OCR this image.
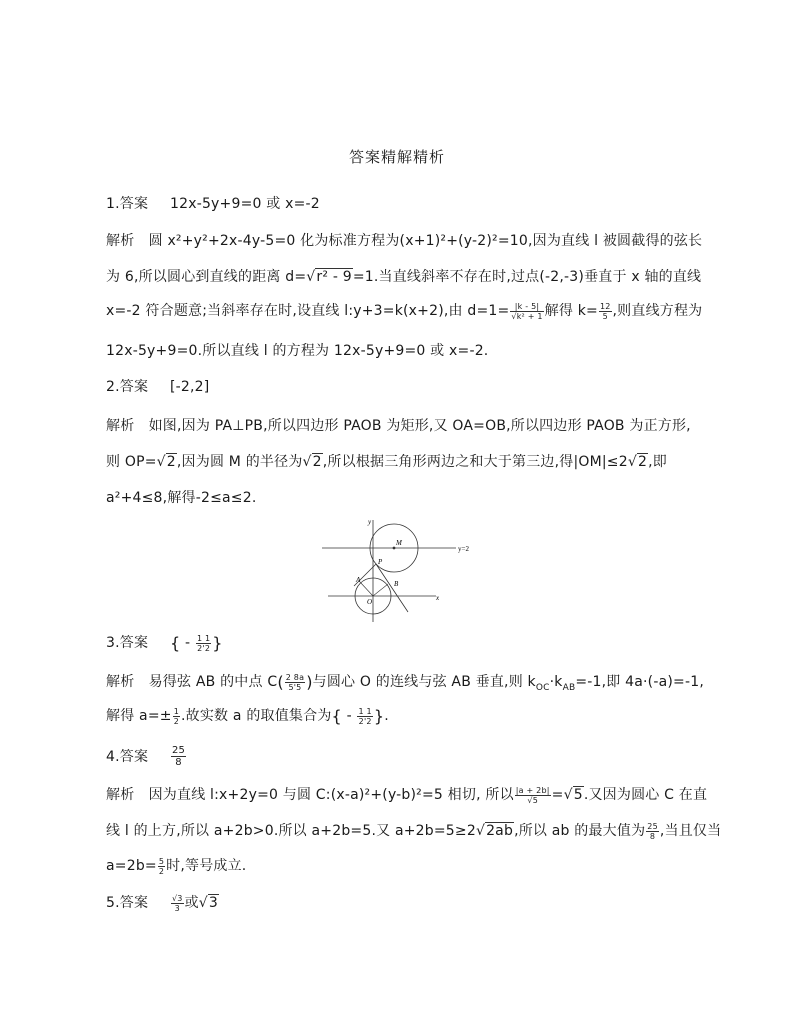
答案精解精析
1.答案 12x-5y+9=0 或 x=-2
解析　圆 x²+y²+2x-4y-5=0 化为标准方程为(x+1)²+(y-2)²=10,因为直线 l 被圆截得的弦长
为 6,所以圆心到直线的距离 d=√r² - 9=1.当直线斜率不存在时,过点(-2,-3)垂直于 x 轴的直线
x=-2 符合题意;当斜率存在时,设直线 l:y+3=k(x+2),由 $d=1= \frac{|k - 5|}{\text{√k² + 1}}$ 解得 $k= \frac{12}{5}$ ,则直线方程为
12x-5y+9=0.所以直线 l 的方程为 12x-5y+9=0 或 x=-2.
2.答案 [-2,2]
解析　如图,因为 PA⊥PB,所以四边形 PAOB 为矩形,又 OA=OB,所以四边形 PAOB 为正方形,
则 OP=√2,因为圆 M 的半径为√2,所以根据三角形两边之和大于第三边,得|OM|≤2√2,即
a²+4≤8,解得-2≤a≤2.
y
x
y=2
M
P
A	B
O
3.答案 { - $\frac{1 1}{2'2}$ }
解析　易得弦 AB 的中点 $C( \frac{2 8a}{5'5}$ )与圆心 O 的连线与弦 AB 垂直,则 $k_{OC}\cdot k_{AB}=-1$,即 4a·(-a)=-1,
解得 $a=\pm \frac{1}{2}$ .故实数 a 的取值集合为{ - $\frac{1 1}{2'2}$ }.
4.答案 $\frac{25}{8}$
解析　因为直线 l:x+2y=0 与圆 C:(x-a)²+(y-b)²=5 相切, 所以 $\frac{|a + 2b|}{√5} =√5$.又因为圆心 C 在直
线 l 的上方,所以 a+2b>0.所以 a+2b=5.又 a+2b=5≥2√2ab,所以 ab 的最大值为 $\frac{25}{8}$ ,当且仅当
$a=2b= \frac{5}{2}$ 时,等号成立.
5.答案	$\frac{√3}{3}$ 或√3
